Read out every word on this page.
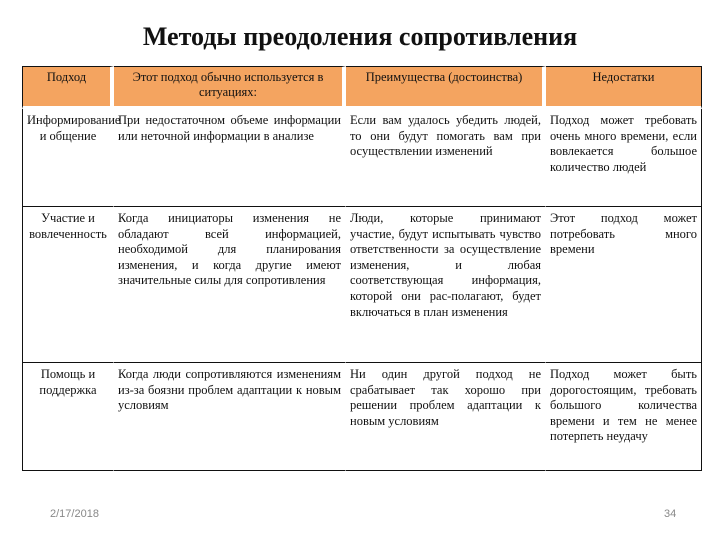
Методы преодоления сопротивления
Подход	Этот подход обычно используется в ситуациях:	Преимущества (достоинства)	Недостатки
Информирование и общение	При недостаточном объеме информации или неточной информации в анализе	Если вам удалось убедить людей, то они будут помогать вам при осуществлении изменений	Подход может требовать очень много времени, если вовлекается большое количество людей
Участие и вовлеченность	Когда инициаторы изменения не обладают всей информацией, необходимой для планирования изменения, и когда другие имеют значительные силы для сопротивления	Люди, которые принимают участие, будут испытывать чувство ответственности за осуществление изменения, и любая соответствующая информация, которой они рас-полагают, будет включаться в план изменения	Этот подход может потребовать много времени
Помощь и поддержка	Когда люди сопротивляются изменениям из-за боязни проблем адаптации к новым условиям	Ни один другой подход не срабатывает так хорошо при решении проблем адаптации к новым условиям	Подход может быть дорогостоящим, требовать большого количества времени и тем не менее потерпеть неудачу
2/17/2018	34
